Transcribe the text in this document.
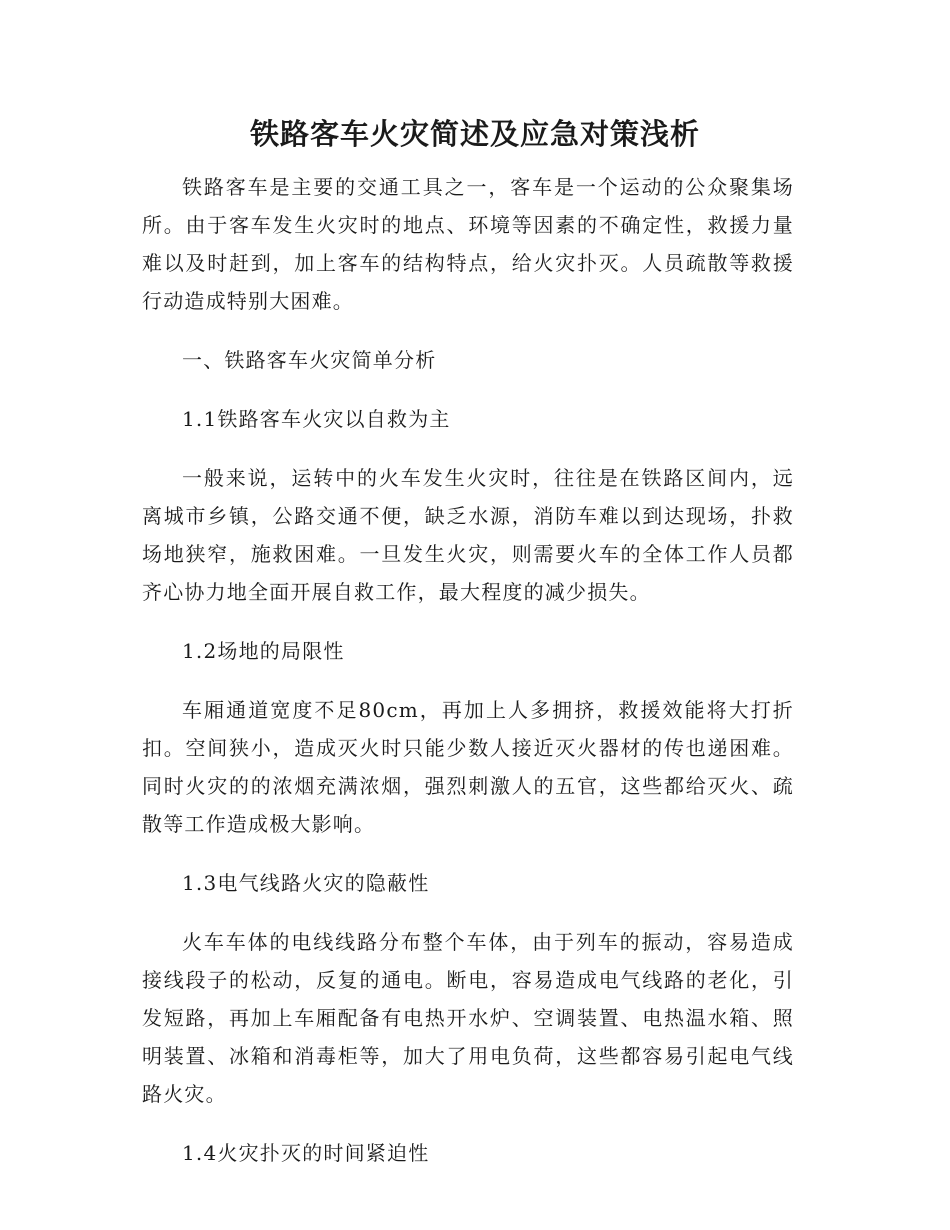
铁路客车火灾简述及应急对策浅析

铁路客车是主要的交通工具之一，客车是一个运动的公众聚集场所。由于客车发生火灾时的地点、环境等因素的不确定性，救援力量难以及时赶到，加上客车的结构特点，给火灾扑灭。人员疏散等救援行动造成特别大困难。

一、铁路客车火灾简单分析

1.1铁路客车火灾以自救为主

一般来说，运转中的火车发生火灾时，往往是在铁路区间内，远离城市乡镇，公路交通不便，缺乏水源，消防车难以到达现场，扑救场地狭窄，施救困难。一旦发生火灾，则需要火车的全体工作人员都齐心协力地全面开展自救工作，最大程度的减少损失。

1.2场地的局限性

车厢通道宽度不足80cm，再加上人多拥挤，救援效能将大打折扣。空间狭小，造成灭火时只能少数人接近灭火器材的传也递困难。同时火灾的的浓烟充满浓烟，强烈刺激人的五官，这些都给灭火、疏散等工作造成极大影响。

1.3电气线路火灾的隐蔽性

火车车体的电线线路分布整个车体，由于列车的振动，容易造成接线段子的松动，反复的通电。断电，容易造成电气线路的老化，引发短路，再加上车厢配备有电热开水炉、空调装置、电热温水箱、照明装置、冰箱和消毒柜等，加大了用电负荷，这些都容易引起电气线路火灾。

1.4火灾扑灭的时间紧迫性
